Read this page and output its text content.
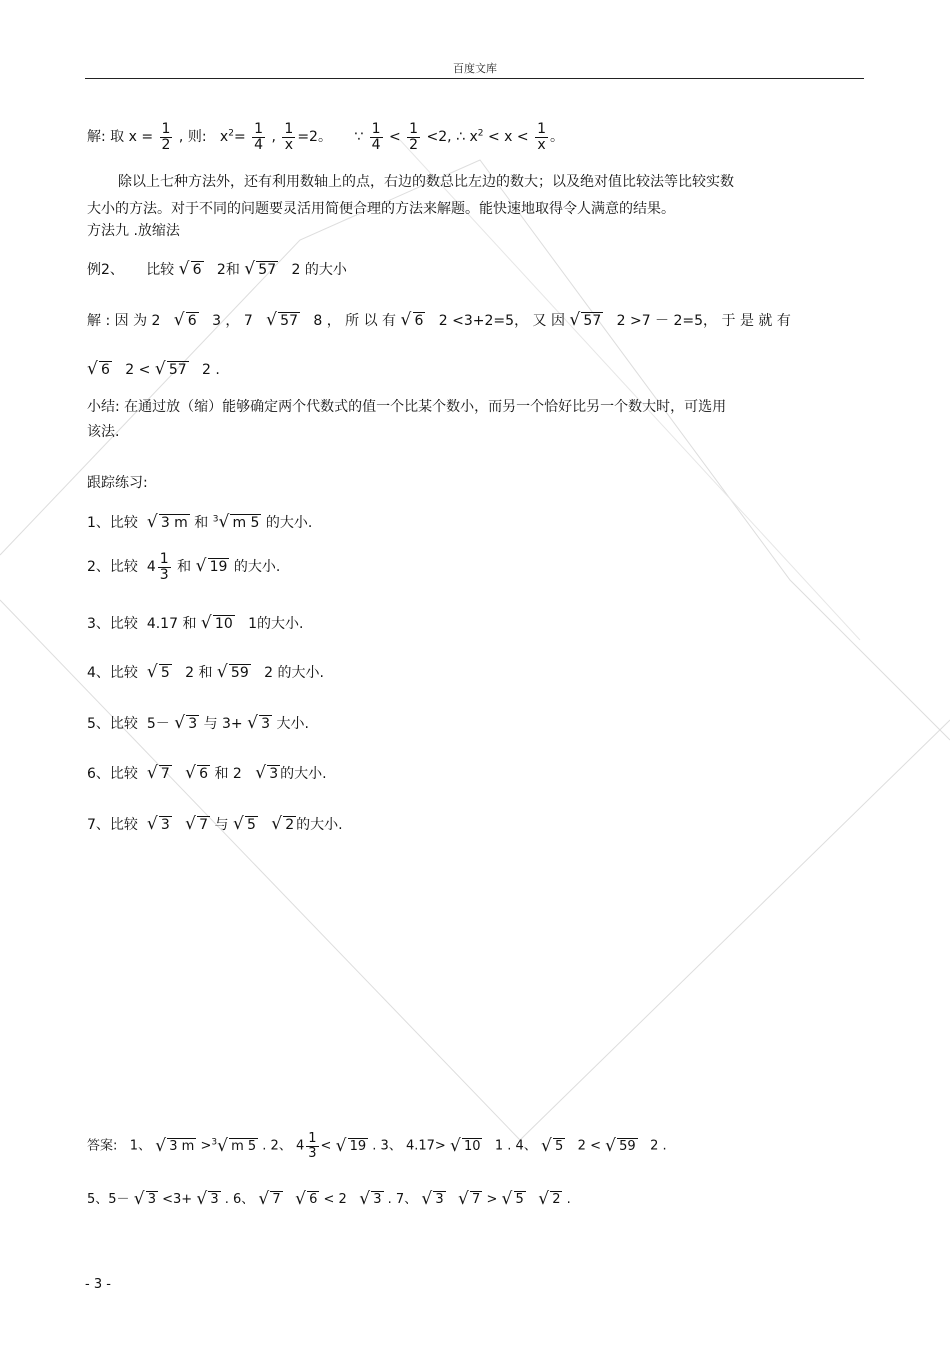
百度文库
解: 取 $x = \frac{1}{2}$ , 则: $x^2= \frac{1}{4}$ , $\frac{1}{x} =2$。 ∵ $\frac{1}{4} < \frac{1}{2} <2$, ∴ $x^2 < x < \frac{1}{x}$ 。
除以上七种方法外，还有利用数轴上的点，右边的数总比左边的数大；以及绝对值比较法等比较实数
大小的方法。对于不同的问题要灵活用简便合理的方法来解题。能快速地取得令人满意的结果。
方法九 .放缩法
例2、 比较 √ 6 2和 √ 57 2 的大小
解 : 因 为 2 √ 6 3 ， 7 √ 57 8 ， 所 以 有 √ 6 2 <3+2=5， 又 因 √ 57 2 >7 － 2=5， 于 是 就 有
√ 6 2 < √ 57 2 .
小结: 在通过放（缩）能够确定两个代数式的值一个比某个数小，而另一个恰好比另一个数大时，可选用
该法.
跟踪练习:
1、比较 √ 3 m 和 $^3$ √ m 5 的大小.
2、比较 $4 \frac{1}{3}$ 和 √ 19 的大小.
3、比较 4.17 和 √ 10 1的大小.
4、比较 √ 5 2 和 √ 59 2 的大小.
5、比较 5－ √ 3 与 3+ √ 3 大小.
6、比较 √ 7 √ 6 和 2 √ 3 的大小.
7、比较 √ 3 √ 7 与 √ 5 √ 2 的大小.
答案: 1、 √ 3 m >$^3$ √ m 5 . 2、 $4 \frac{1}{3}$ < √ 19 . 3、 4.17> √ 10 1 . 4、 √ 5 2 < √ 59 2 .
5、5－ √ 3 <3+ √ 3 . 6、 √ 7 √ 6 < 2 √ 3 . 7、 √ 3 √ 7 > √ 5 √ 2 .
- 3 -
